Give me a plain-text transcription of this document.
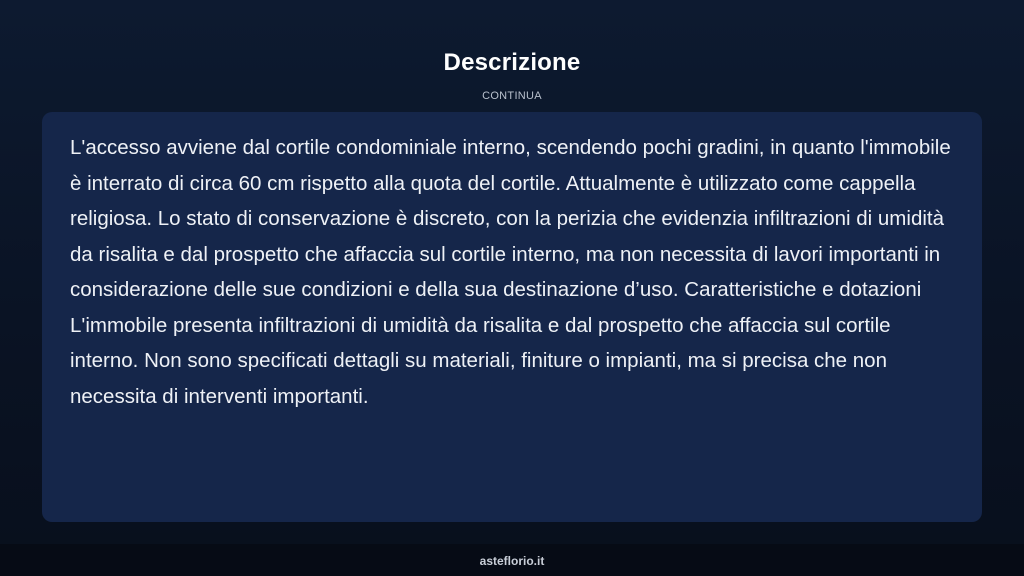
Descrizione
CONTINUA

L'accesso avviene dal cortile condominiale interno, scendendo pochi gradini, in quanto l'immobile è interrato di circa 60 cm rispetto alla quota del cortile. Attualmente è utilizzato come cappella religiosa. Lo stato di conservazione è discreto, con la perizia che evidenzia infiltrazioni di umidità da risalita e dal prospetto che affaccia sul cortile interno, ma non necessita di lavori importanti in considerazione delle sue condizioni e della sua destinazione d’uso. Caratteristiche e dotazioni L'immobile presenta infiltrazioni di umidità da risalita e dal prospetto che affaccia sul cortile interno. Non sono specificati dettagli su materiali, finiture o impianti, ma si precisa che non necessita di interventi importanti.

asteflorio.it
